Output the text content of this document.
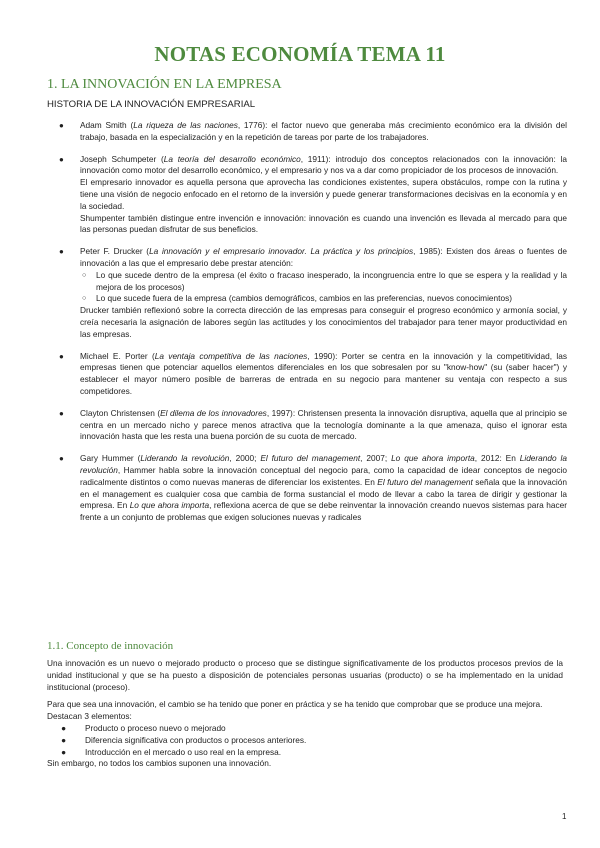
NOTAS ECONOMÍA TEMA 11
1. LA INNOVACIÓN EN LA EMPRESA
HISTORIA DE LA INNOVACIÓN EMPRESARIAL
● Adam Smith (La riqueza de las naciones, 1776): el factor nuevo que generaba más crecimiento económico era la división del trabajo, basada en la especialización y en la repetición de tareas por parte de los trabajadores.

● Joseph Schumpeter (La teoría del desarrollo económico, 1911): introdujo dos conceptos relacionados con la innovación: la innovación como motor del desarrollo económico, y el empresario y nos va a dar como propiciador de los procesos de innovación.

El empresario innovador es aquella persona que aprovecha las condiciones existentes, supera obstáculos, rompe con la rutina y tiene una visión de negocio enfocado en el retorno de la inversión y puede generar transformaciones decisivas en la economía y en la sociedad.

Shumpenter también distingue entre invención e innovación: innovación es cuando una invención es llevada al mercado para que las personas puedan disfrutar de sus beneficios.

● Peter F. Drucker (La innovación y el empresario innovador. La práctica y los principios, 1985): Existen dos áreas o fuentes de innovación a las que el empresario debe prestar atención:

○ Lo que sucede dentro de la empresa (el éxito o fracaso inesperado, la incongruencia entre lo que se espera y la realidad y la mejora de los procesos)
○ Lo que sucede fuera de la empresa (cambios demográficos, cambios en las preferencias, nuevos conocimientos)

Drucker también reflexionó sobre la correcta dirección de las empresas para conseguir el progreso económico y armonía social, y creía necesaria la asignación de labores según las actitudes y los conocimientos del trabajador para tener mayor productividad en las empresas.

● Michael E. Porter (La ventaja competitiva de las naciones, 1990): Porter se centra en la innovación y la competitividad, las empresas tienen que potenciar aquellos elementos diferenciales en los que sobresalen por su "know-how" (su (saber hacer") y establecer el mayor número posible de barreras de entrada en su negocio para mantener su ventaja con respecto a sus competidores.

● Clayton Christensen (El dilema de los innovadores, 1997): Christensen presenta la innovación disruptiva, aquella que al principio se centra en un mercado nicho y parece menos atractiva que la tecnología dominante a la que amenaza, quiso el ignorar esta innovación hasta que les resta una buena porción de su cuota de mercado.

● Gary Hummer (Liderando la revolución, 2000; El futuro del management, 2007; Lo que ahora importa, 2012: En Liderando la revolución, Hammer habla sobre la innovación conceptual del negocio para, como la capacidad de idear conceptos de negocio radicalmente distintos o como nuevas maneras de diferenciar los existentes. En El futuro del management señala que la innovación en el management es cualquier cosa que cambia de forma sustancial el modo de llevar a cabo la tarea de dirigir y gestionar la empresa. En Lo que ahora importa, reflexiona acerca de que se debe reinventar la innovación creando nuevos sistemas para hacer frente a un conjunto de problemas que exigen soluciones nuevas y radicales

1.1. Concepto de innovación

Una innovación es un nuevo o mejorado producto o proceso que se distingue significativamente de los productos procesos previos de la unidad institucional y que se ha puesto a disposición de potenciales personas usuarias (producto) o se ha implementado en la unidad institucional (proceso).

Para que sea una innovación, el cambio se ha tenido que poner en práctica y se ha tenido que comprobar que se produce una mejora.

Destacan 3 elementos:

● Producto o proceso nuevo o mejorado
● Diferencia significativa con productos o procesos anteriores.
● Introducción en el mercado o uso real en la empresa.

Sin embargo, no todos los cambios suponen una innovación.

1
